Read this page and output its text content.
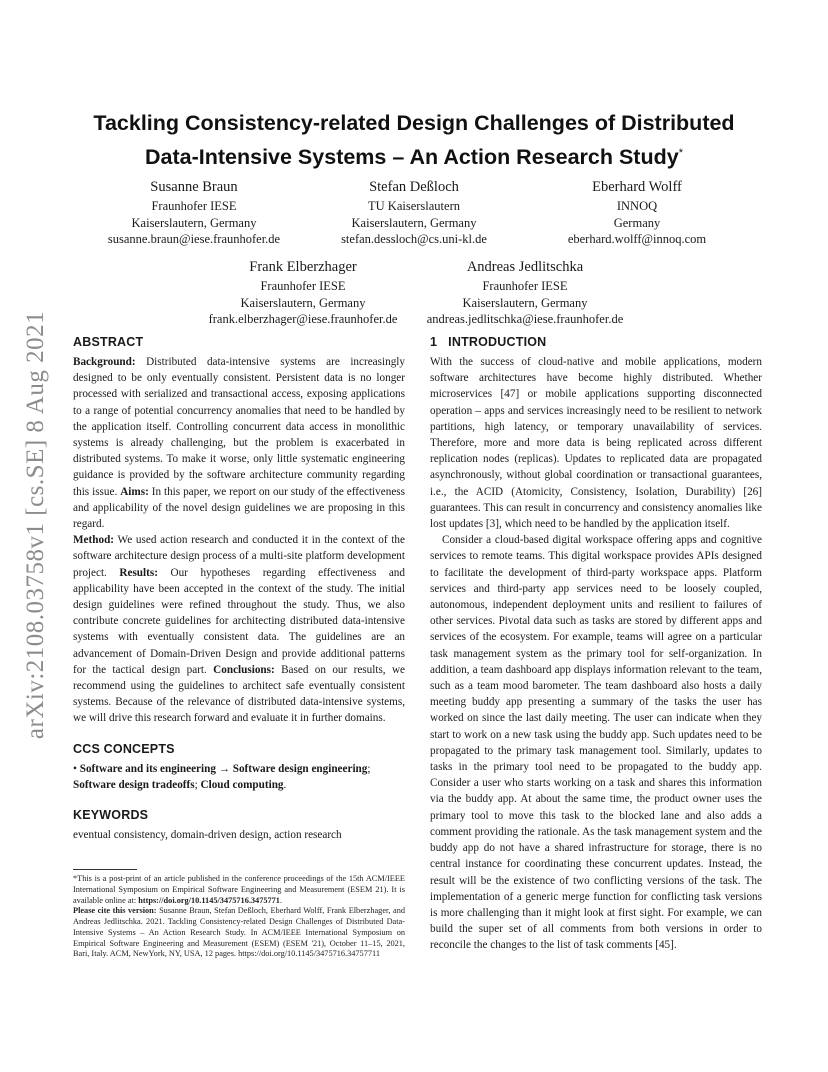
arXiv:2108.03758v1 [cs.SE] 8 Aug 2021
Tackling Consistency-related Design Challenges of Distributed
Data-Intensive Systems – An Action Research Study*
Susanne Braun
Fraunhofer IESE
Kaiserslautern, Germany
susanne.braun@iese.fraunhofer.de
Stefan Deßloch
TU Kaiserslautern
Kaiserslautern, Germany
stefan.dessloch@cs.uni-kl.de
Eberhard Wolff
INNOQ
Germany
eberhard.wolff@innoq.com
Frank Elberzhager
Fraunhofer IESE
Kaiserslautern, Germany
frank.elberzhager@iese.fraunhofer.de
Andreas Jedlitschka
Fraunhofer IESE
Kaiserslautern, Germany
andreas.jedlitschka@iese.fraunhofer.de
ABSTRACT

Background: Distributed data-intensive systems are increasingly designed to be only eventually consistent. Persistent data is no longer processed with serialized and transactional access, exposing applications to a range of potential concurrency anomalies that need to be handled by the application itself. Controlling concurrent data access in monolithic systems is already challenging, but the problem is exacerbated in distributed systems. To make it worse, only little systematic engineering guidance is provided by the software architecture community regarding this issue. Aims: In this paper, we report on our study of the effectiveness and applicability of the novel design guidelines we are proposing in this regard.
Method: We used action research and conducted it in the context of the software architecture design process of a multi-site platform development project. Results: Our hypotheses regarding effectiveness and applicability have been accepted in the context of the study. The initial design guidelines were refined throughout the study. Thus, we also contribute concrete guidelines for architecting distributed data-intensive systems with eventually consistent data. The guidelines are an advancement of Domain-Driven Design and provide additional patterns for the tactical design part. Conclusions: Based on our results, we recommend using the guidelines to architect safe eventually consistent systems. Because of the relevance of distributed data-intensive systems, we will drive this research forward and evaluate it in further domains.

CCS CONCEPTS

• Software and its engineering → Software design engineering; Software design tradeoffs; Cloud computing.

KEYWORDS

eventual consistency, domain-driven design, action research

*This is a post-print of an article published in the conference proceedings of the 15th ACM/IEEE International Symposium on Empirical Software Engineering and Measurement (ESEM 21). It is available online at: https://doi.org/10.1145/3475716.3475771.
Please cite this version: Susanne Braun, Stefan Deßloch, Eberhard Wolff, Frank Elberzhager, and Andreas Jedlitschka. 2021. Tackling Consistency-related Design Challenges of Distributed Data-Intensive Systems – An Action Research Study. In ACM/IEEE International Symposium on Empirical Software Engineering and Measurement (ESEM) (ESEM '21), October 11–15, 2021, Bari, Italy. ACM, NewYork, NY, USA, 12 pages. https://doi.org/10.1145/3475716.34757711

1   INTRODUCTION

With the success of cloud-native and mobile applications, modern software architectures have become highly distributed. Whether microservices [47] or mobile applications supporting disconnected operation – apps and services increasingly need to be resilient to network partitions, high latency, or temporary unavailability of services. Therefore, more and more data is being replicated across different replication nodes (replicas). Updates to replicated data are propagated asynchronously, without global coordination or transactional guarantees, i.e., the ACID (Atomicity, Consistency, Isolation, Durability) [26] guarantees. This can result in concurrency and consistency anomalies like lost updates [3], which need to be handled by the application itself.

Consider a cloud-based digital workspace offering apps and cognitive services to remote teams. This digital workspace provides APIs designed to facilitate the development of third-party workspace apps. Platform services and third-party app services need to be loosely coupled, autonomous, independent deployment units and resilient to failures of other services. Pivotal data such as tasks are stored by different apps and services of the ecosystem. For example, teams will agree on a particular task management system as the primary tool for self-organization. In addition, a team dashboard app displays information relevant to the team, such as a team mood barometer. The team dashboard also hosts a daily meeting buddy app presenting a summary of the tasks the user has worked on since the last daily meeting. The user can indicate when they start to work on a new task using the buddy app. Such updates need to be propagated to the primary task management tool. Similarly, updates to tasks in the primary tool need to be propagated to the buddy app. Consider a user who starts working on a task and shares this information via the buddy app. At about the same time, the product owner uses the primary tool to move this task to the blocked lane and also adds a comment providing the rationale. As the task management system and the buddy app do not have a shared infrastructure for storage, there is no central instance for coordinating these concurrent updates. Instead, the result will be the existence of two conflicting versions of the task. The implementation of a generic merge function for conflicting task versions is more challenging than it might look at first sight. For example, we can build the super set of all comments from both versions in order to reconcile the changes to the list of task comments [45].
